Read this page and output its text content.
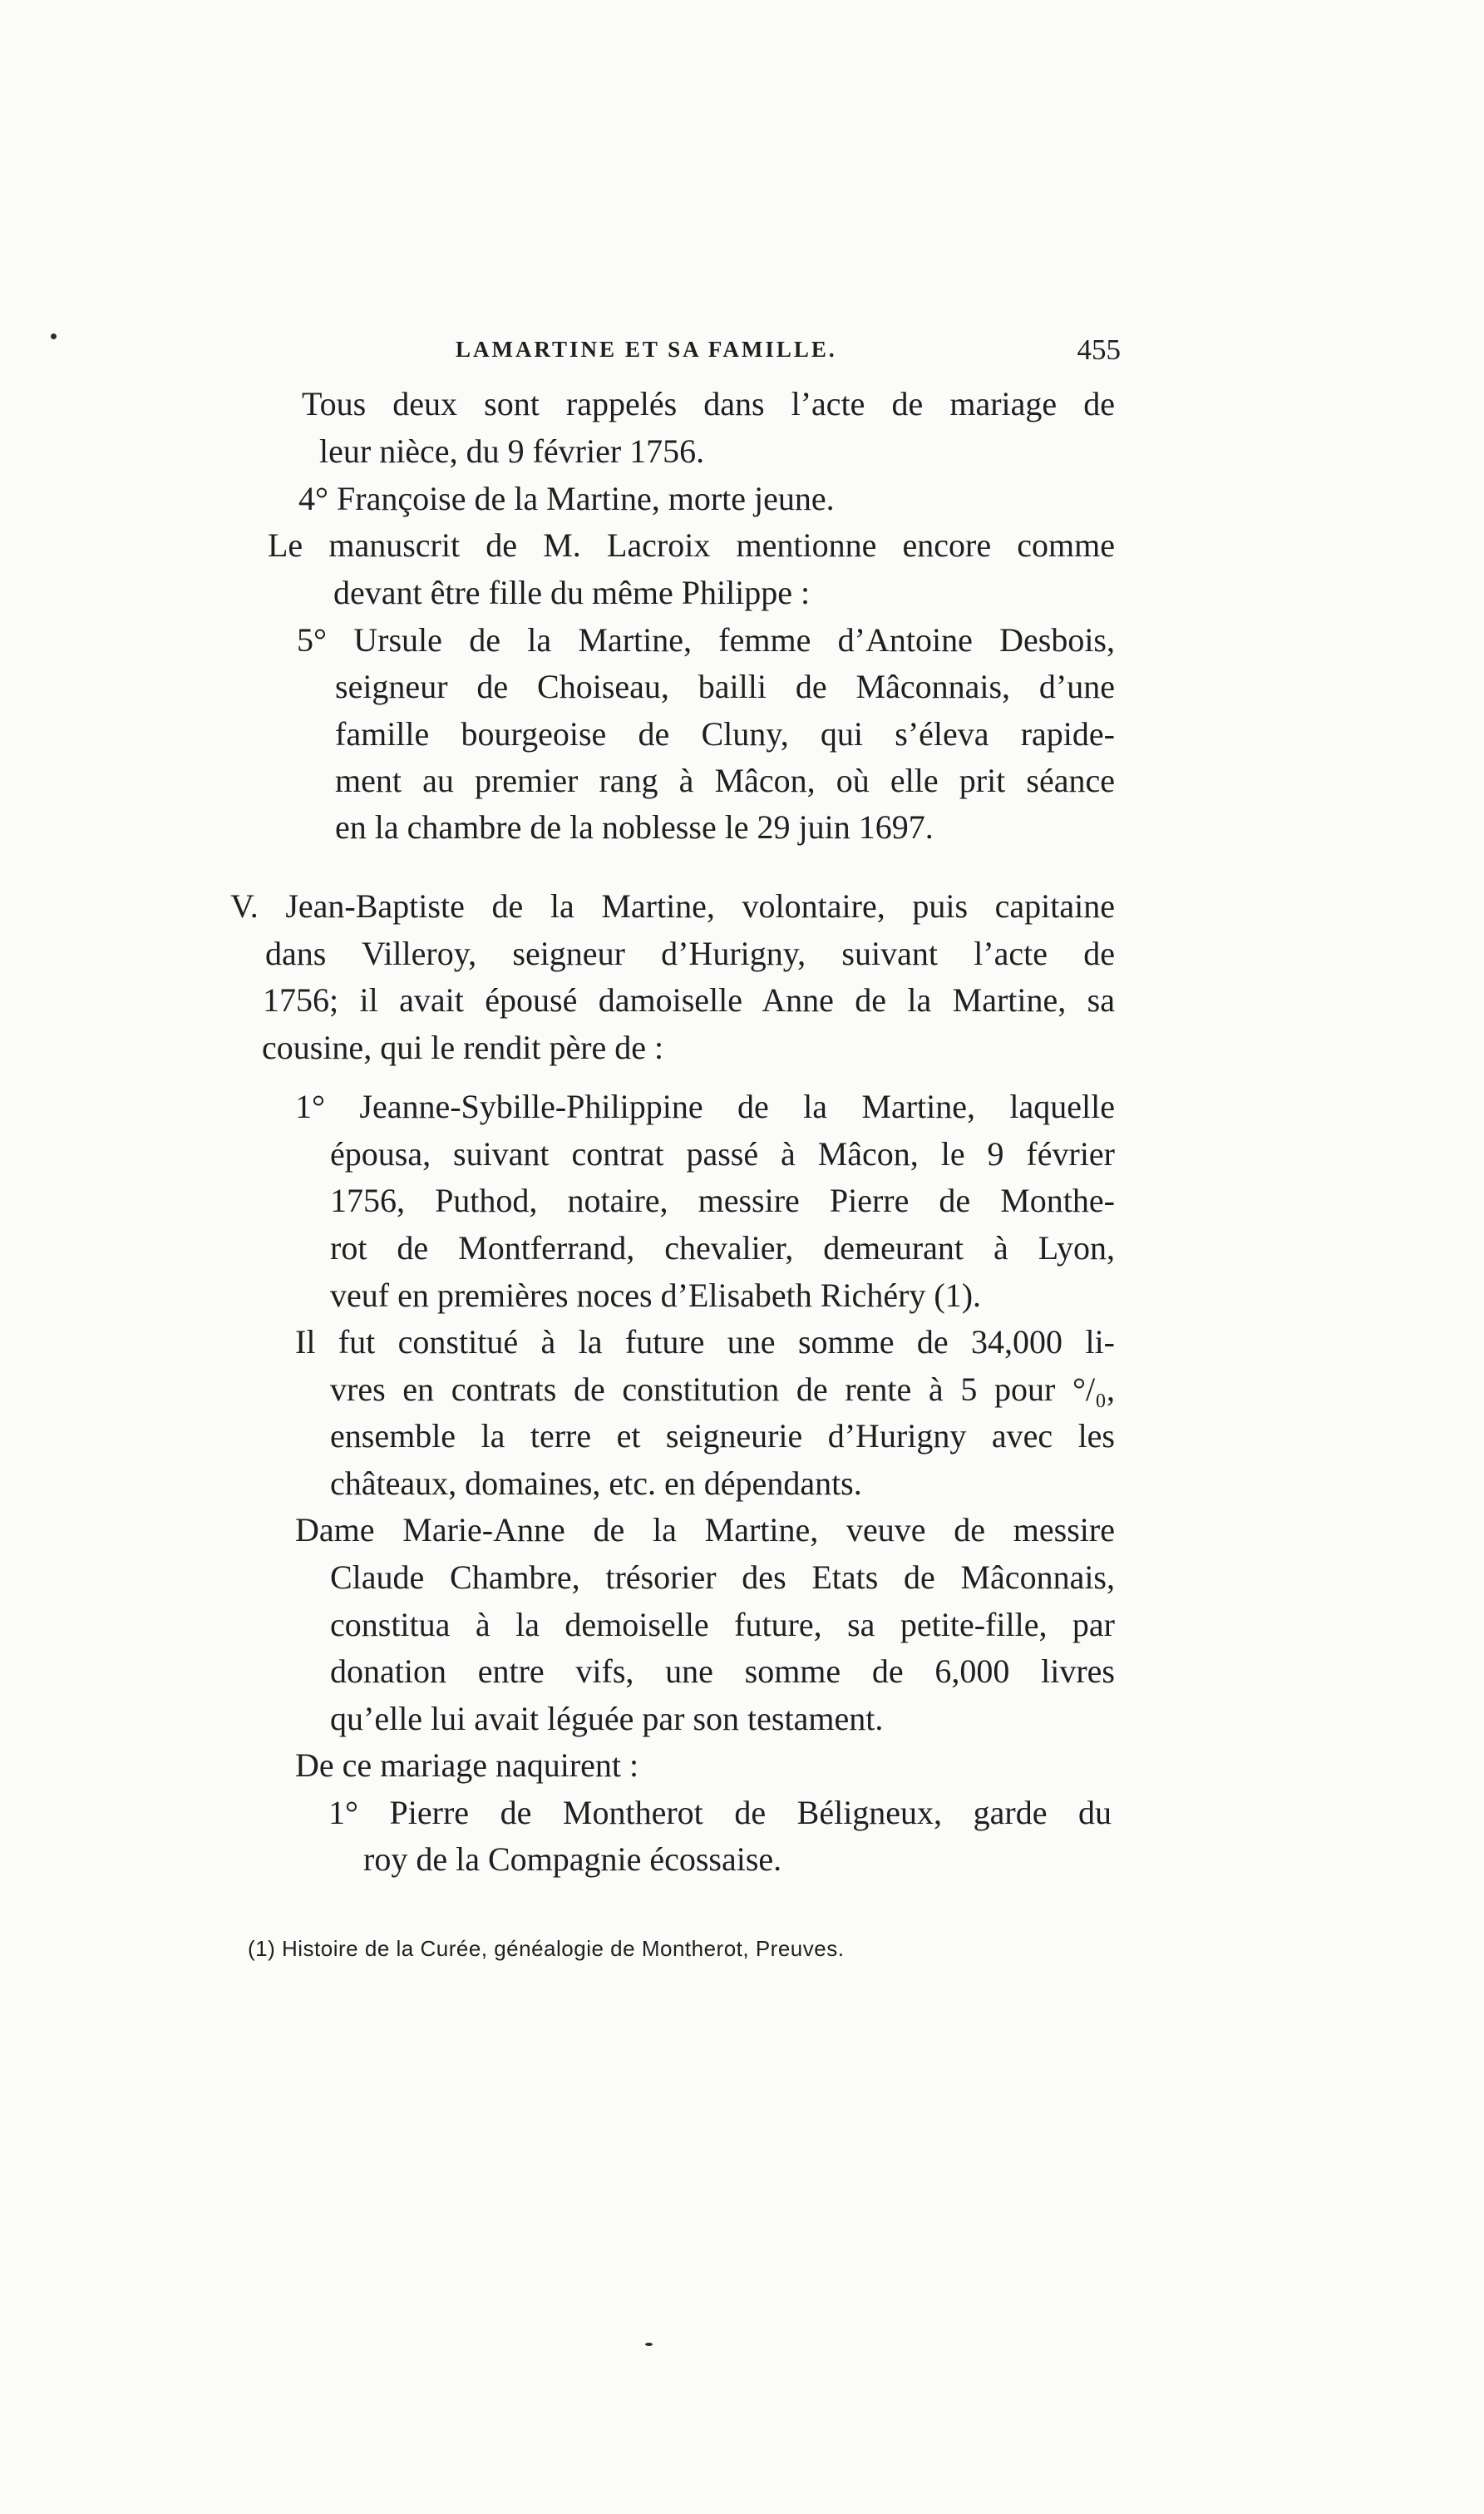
LAMARTINE ET SA FAMILLE.	455
Tous deux sont rappelés dans l’acte de mariage de
leur nièce, du 9 février 1756.
4° Françoise de la Martine, morte jeune.
Le manuscrit de M. Lacroix mentionne encore comme
devant être fille du même Philippe :
5° Ursule de la Martine, femme d’Antoine Desbois,
seigneur de Choiseau, bailli de Mâconnais, d’une
famille bourgeoise de Cluny, qui s’éleva rapide-
ment au premier rang à Mâcon, où elle prit séance
en la chambre de la noblesse le 29 juin 1697.
V. Jean-Baptiste de la Martine, volontaire, puis capitaine
dans Villeroy, seigneur d’Hurigny, suivant l’acte de
1756; il avait épousé damoiselle Anne de la Martine, sa
cousine, qui le rendit père de :
1° Jeanne-Sybille-Philippine de la Martine, laquelle
épousa, suivant contrat passé à Mâcon, le 9 février
1756, Puthod, notaire, messire Pierre de Monthe-
rot de Montferrand, chevalier, demeurant à Lyon,
veuf en premières noces d’Elisabeth Richéry (1).
Il fut constitué à la future une somme de 34,000 li-
vres en contrats de constitution de rente à 5 pour °/₀,
ensemble la terre et seigneurie d’Hurigny avec les
châteaux, domaines, etc. en dépendants.
Dame Marie-Anne de la Martine, veuve de messire
Claude Chambre, trésorier des Etats de Mâconnais,
constitua à la demoiselle future, sa petite-fille, par
donation entre vifs, une somme de 6,000 livres
qu’elle lui avait léguée par son testament.
De ce mariage naquirent :
1° Pierre de Montherot de Béligneux, garde du
roy de la Compagnie écossaise.
(1) Histoire de la Curée, généalogie de Montherot, Preuves.
